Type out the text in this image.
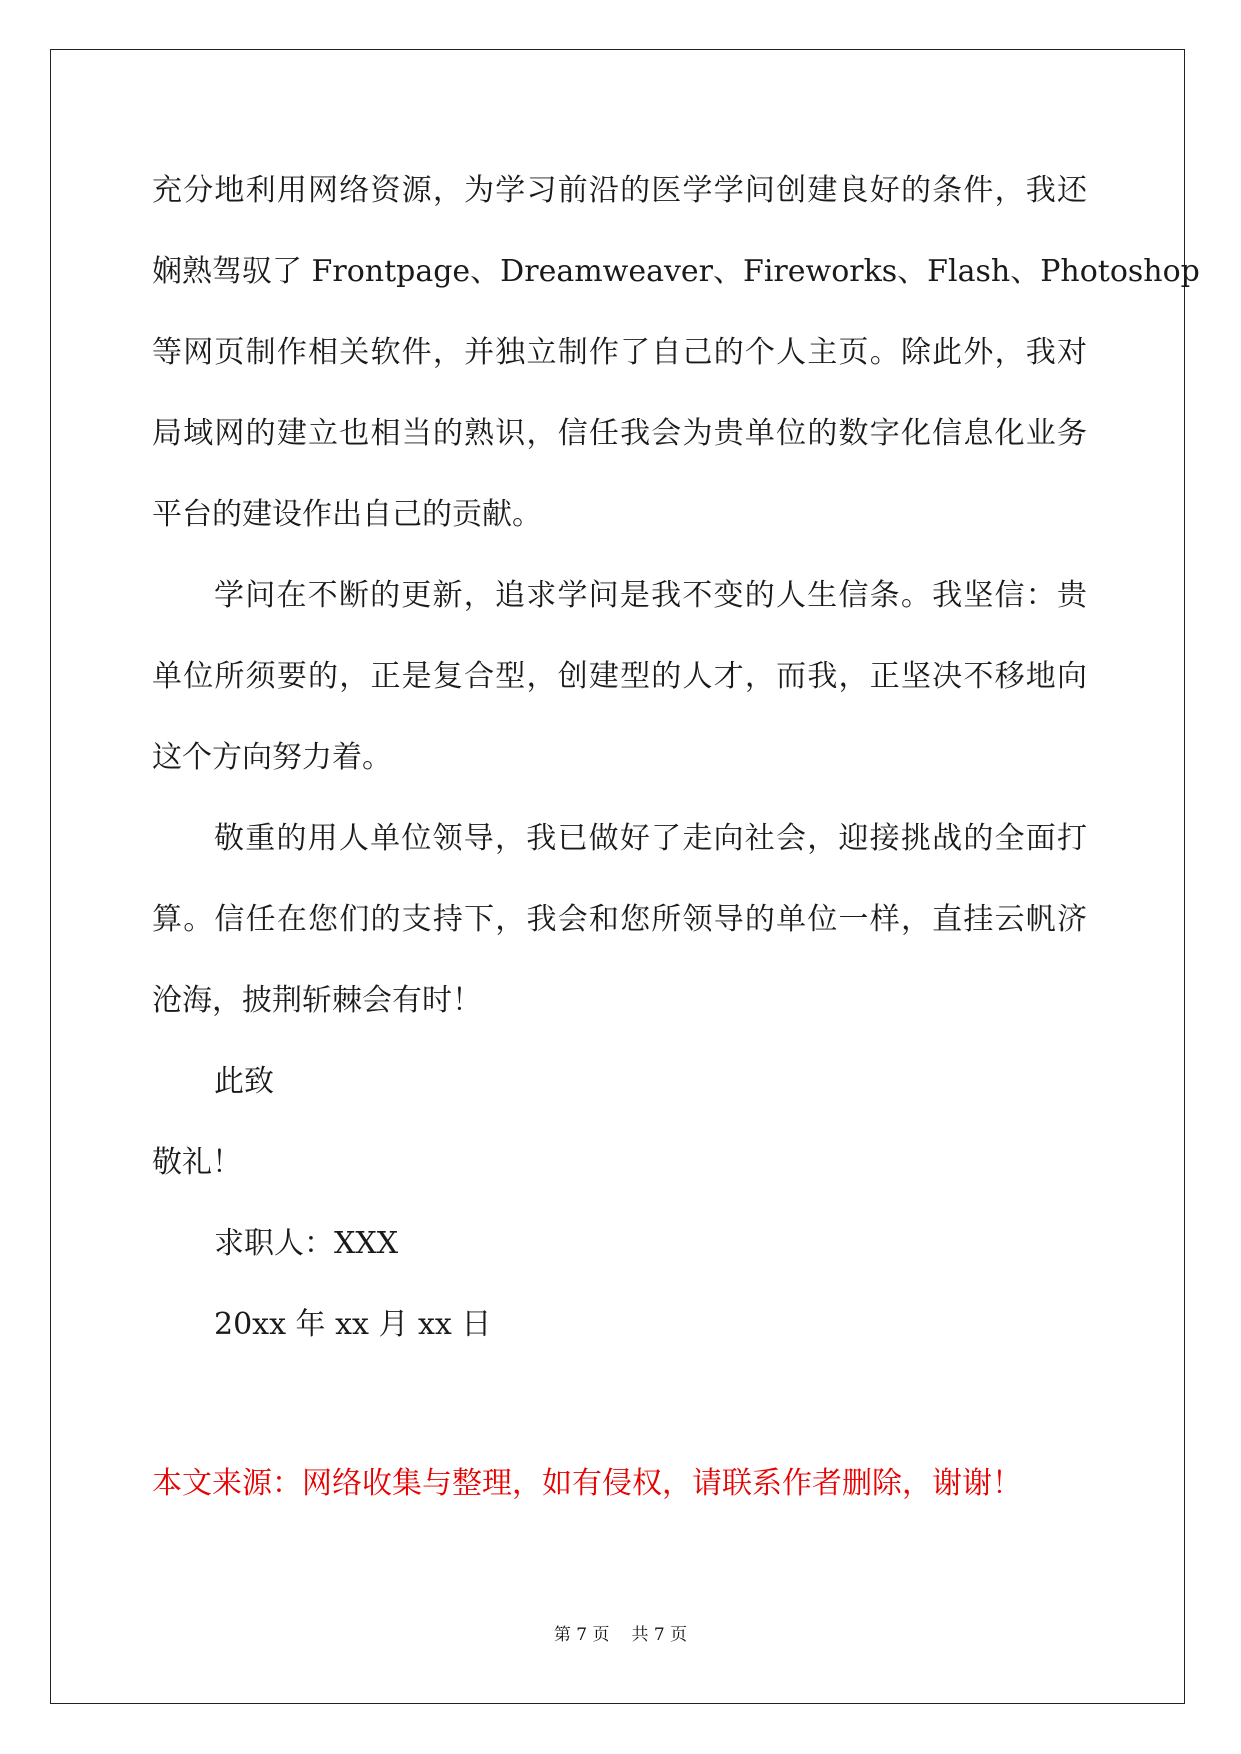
充分地利用网络资源，为学习前沿的医学学问创建良好的条件，我还
娴熟驾驭了 Frontpage、Dreamweaver、Fireworks、Flash、Photoshop
等网页制作相关软件，并独立制作了自己的个人主页。除此外，我对
局域网的建立也相当的熟识，信任我会为贵单位的数字化信息化业务
平台的建设作出自己的贡献。
学问在不断的更新，追求学问是我不变的人生信条。我坚信：贵
单位所须要的，正是复合型，创建型的人才，而我，正坚决不移地向
这个方向努力着。
敬重的用人单位领导，我已做好了走向社会，迎接挑战的全面打
算。信任在您们的支持下，我会和您所领导的单位一样，直挂云帆济
沧海，披荆斩棘会有时！
此致
敬礼！
求职人：XXX
20xx 年 xx 月 xx 日
本文来源：网络收集与整理，如有侵权，请联系作者删除，谢谢！
第 7 页 共 7 页
